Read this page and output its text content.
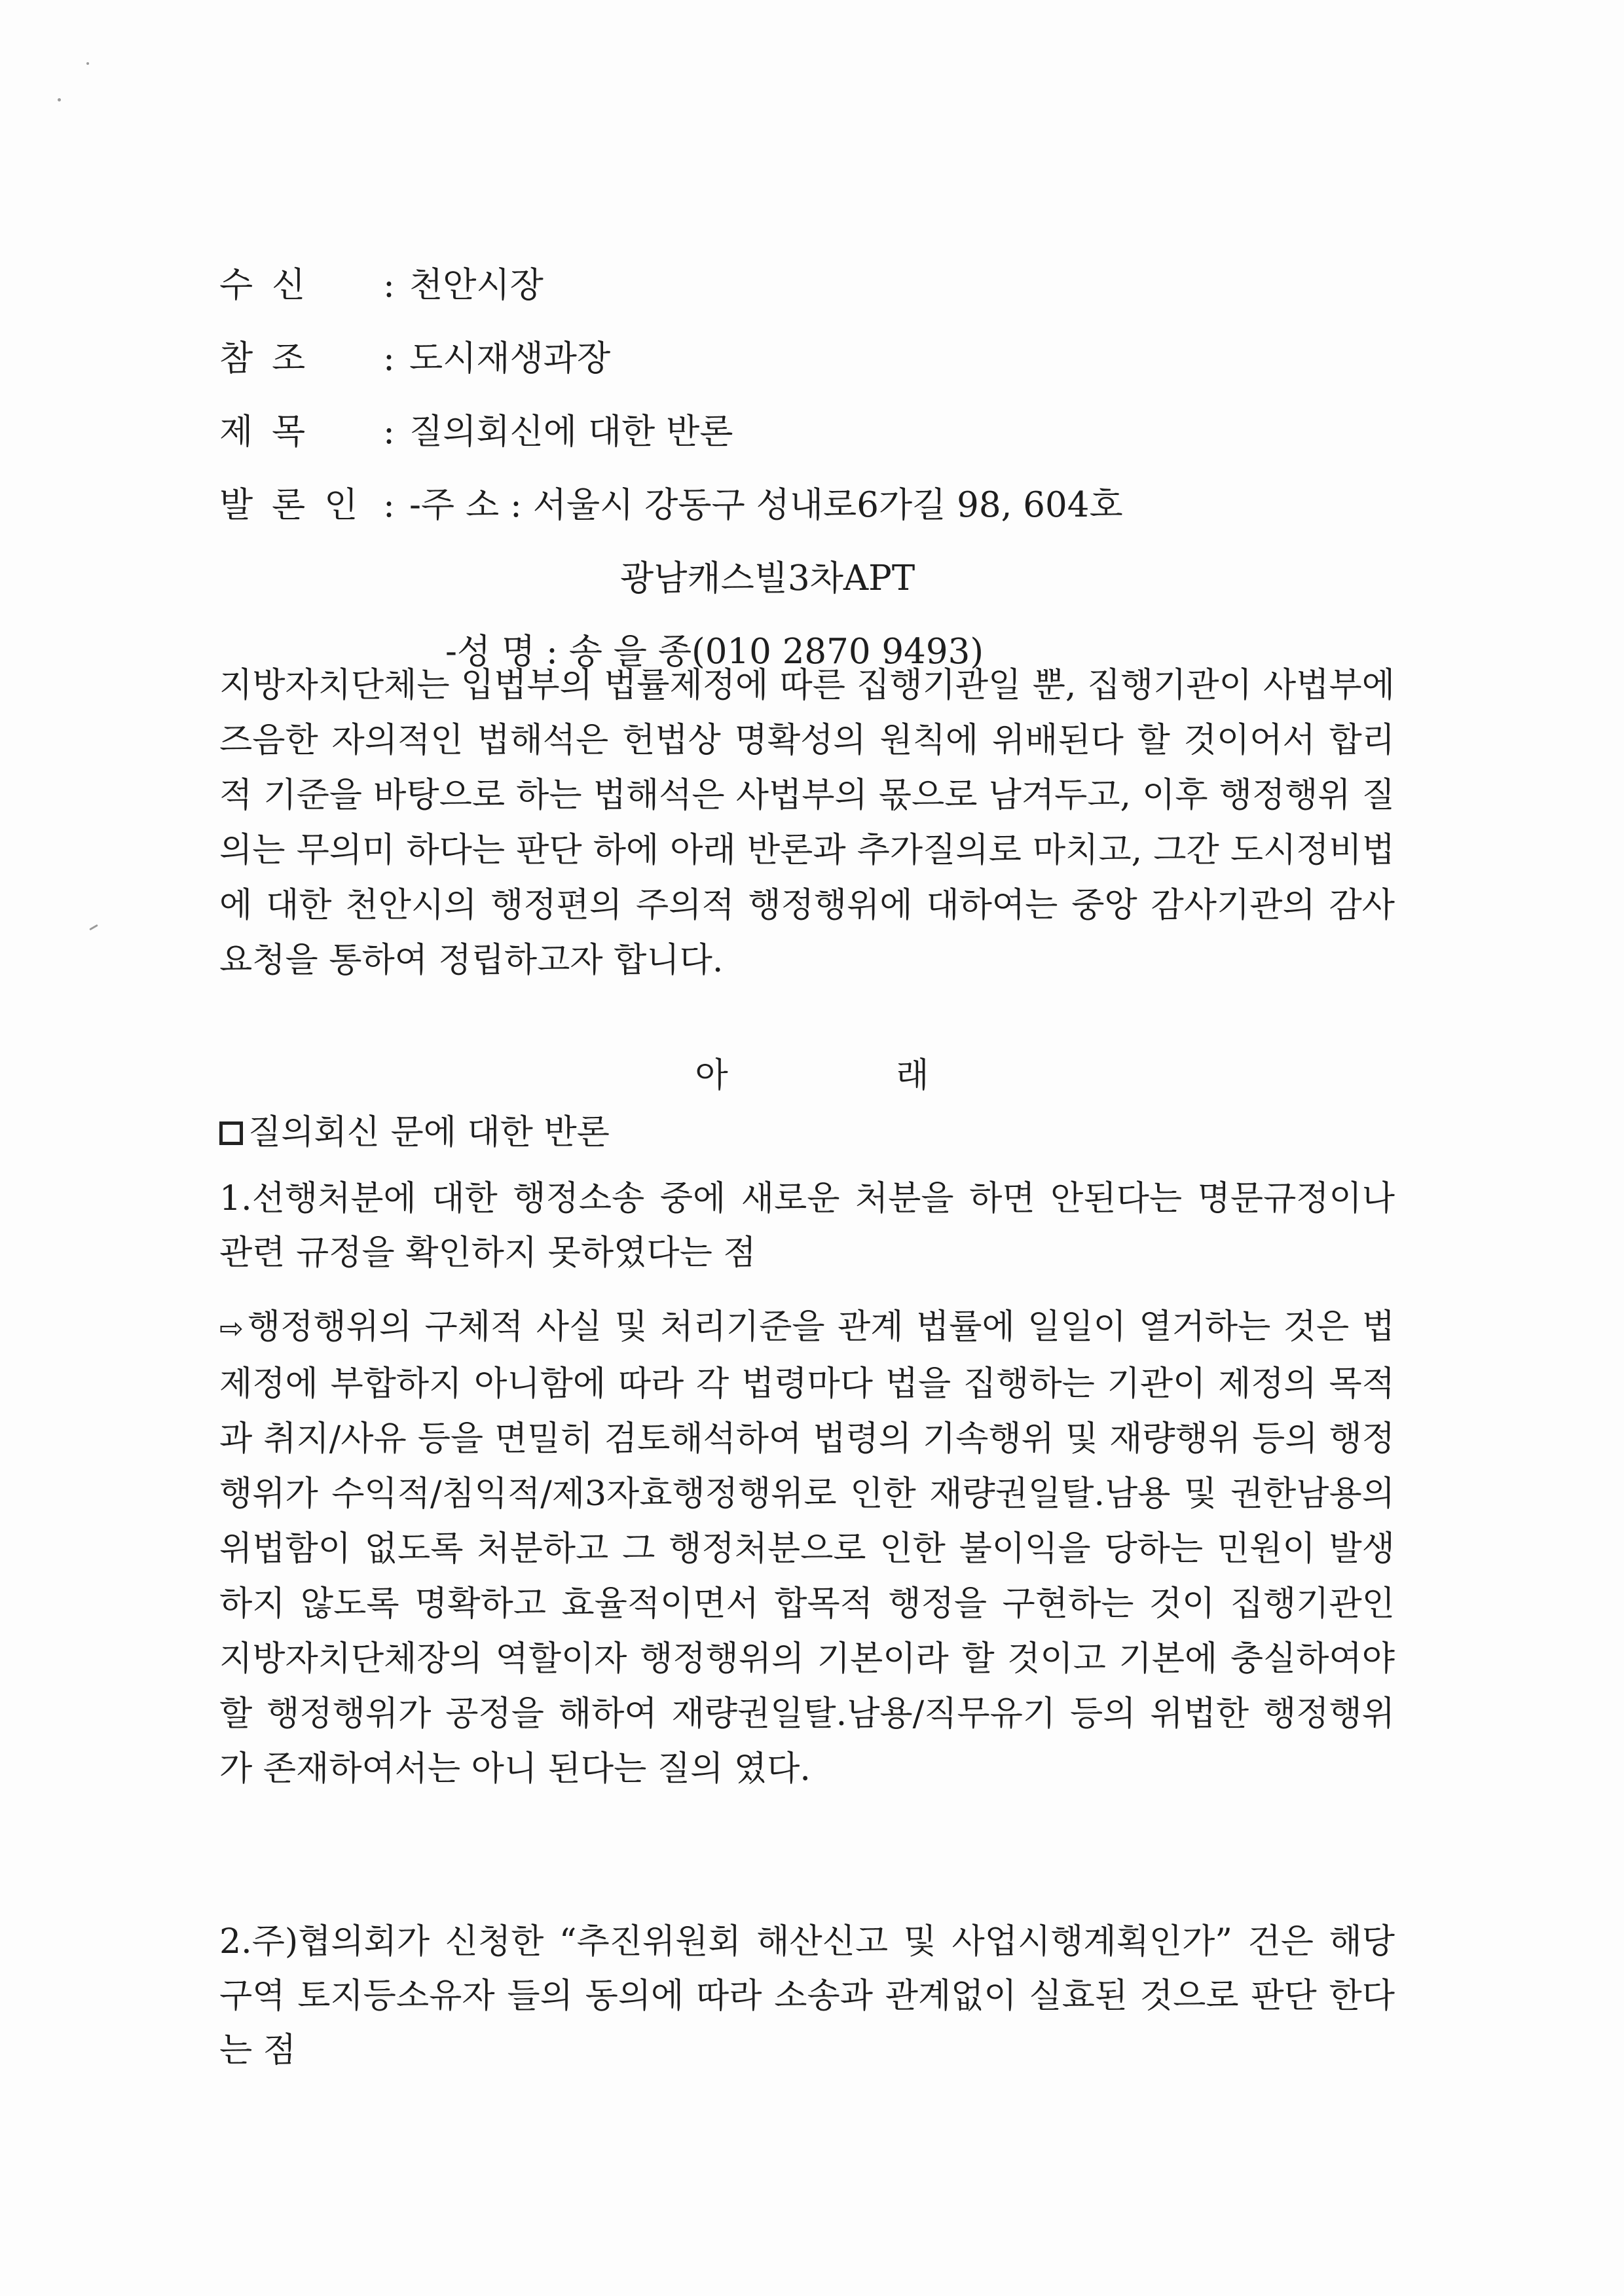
수 신	: 천안시장
참 조	: 도시재생과장
제 목	: 질의회신에 대한 반론
발 론 인 : -주 소 : 서울시 강동구 성내로6가길 98, 604호
광남캐스빌3차APT
-성 명 : 송 을 종(010 2870 9493)

지방자치단체는 입법부의 법률제정에 따른 집행기관일 뿐, 집행기관이 사법부에 즈음한 자의적인 법해석은 헌법상 명확성의 원칙에 위배된다 할 것이어서 합리적 기준을 바탕으로 하는 법해석은 사법부의 몫으로 남겨두고, 이후 행정행위 질의는 무의미 하다는 판단 하에 아래 반론과 추가질의로 마치고, 그간 도시정비법에 대한 천안시의 행정편의 주의적 행정행위에 대하여는 중앙 감사기관의 감사요청을 통하여 정립하고자 합니다.

아 래
질의회신 문에 대한 반론

1.선행처분에 대한 행정소송 중에 새로운 처분을 하면 안된다는 명문규정이나 관련 규정을 확인하지 못하였다는 점

⇨ 행정행위의 구체적 사실 및 처리기준을 관계 법률에 일일이 열거하는 것은 법제정에 부합하지 아니함에 따라 각 법령마다 법을 집행하는 기관이 제정의 목적과 취지/사유 등을 면밀히 검토해석하여 법령의 기속행위 및 재량행위 등의 행정행위가 수익적/침익적/제3자효행정행위로 인한 재량권일탈.남용 및 권한남용의 위법함이 없도록 처분하고 그 행정처분으로 인한 불이익을 당하는 민원이 발생하지 않도록 명확하고 효율적이면서 합목적 행정을 구현하는 것이 집행기관인 지방자치단체장의 역할이자 행정행위의 기본이라 할 것이고 기본에 충실하여야 할 행정행위가 공정을 해하여 재량권일탈.남용/직무유기 등의 위법한 행정행위가 존재하여서는 아니 된다는 질의 였다.

2.주)협의회가 신청한 “추진위원회 해산신고 및 사업시행계획인가” 건은 해당구역 토지등소유자 들의 동의에 따라 소송과 관계없이 실효된 것으로 판단 한다는 점
